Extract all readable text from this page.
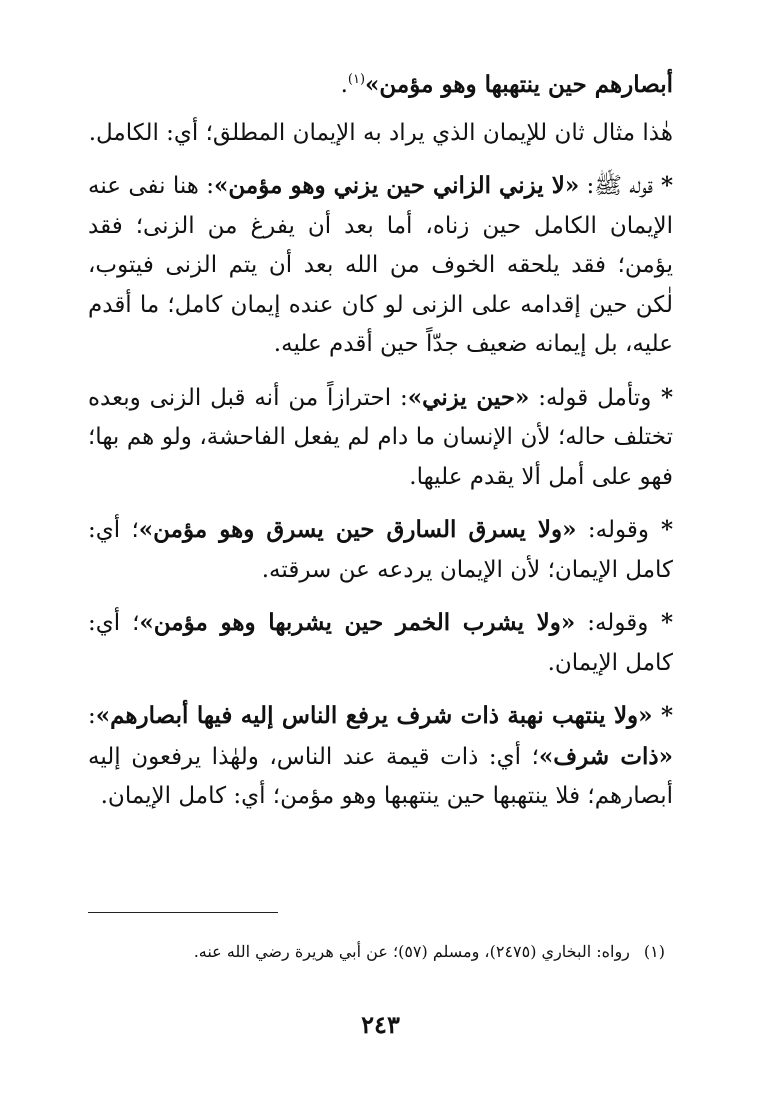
أبصارهم حين ينتهبها وهو مؤمن»$^{(١)}$.

هٰذا مثال ثان للإيمان الذي يراد به الإيمان المطلق؛ أي: الكامل.

* قوله ﷺ: «لا يزني الزاني حين يزني وهو مؤمن»: هنا نفى عنه الإيمان الكامل حين زناه، أما بعد أن يفرغ من الزنى؛ فقد يؤمن؛ فقد يلحقه الخوف من الله بعد أن يتم الزنى فيتوب، لٰكن حين إقدامه على الزنى لو كان عنده إيمان كامل؛ ما أقدم عليه، بل إيمانه ضعيف جدّاً حين أقدم عليه.

* وتأمل قوله: «حين يزني»: احترازاً من أنه قبل الزنى وبعده تختلف حاله؛ لأن الإنسان ما دام لم يفعل الفاحشة، ولو هم بها؛ فهو على أمل ألا يقدم عليها.

* وقوله: «ولا يسرق السارق حين يسرق وهو مؤمن»؛ أي: كامل الإيمان؛ لأن الإيمان يردعه عن سرقته.

* وقوله: «ولا يشرب الخمر حين يشربها وهو مؤمن»؛ أي: كامل الإيمان.

* «ولا ينتهب نهبة ذات شرف يرفع الناس إليه فيها أبصارهم»: «ذات شرف»؛ أي: ذات قيمة عند الناس، ولهٰذا يرفعون إليه أبصارهم؛ فلا ينتهبها حين ينتهبها وهو مؤمن؛ أي: كامل الإيمان.

(١)رواه: البخاري (٢٤٧٥)، ومسلم (٥٧)؛ عن أبي هريرة رضي الله عنه.
٢٤٣
